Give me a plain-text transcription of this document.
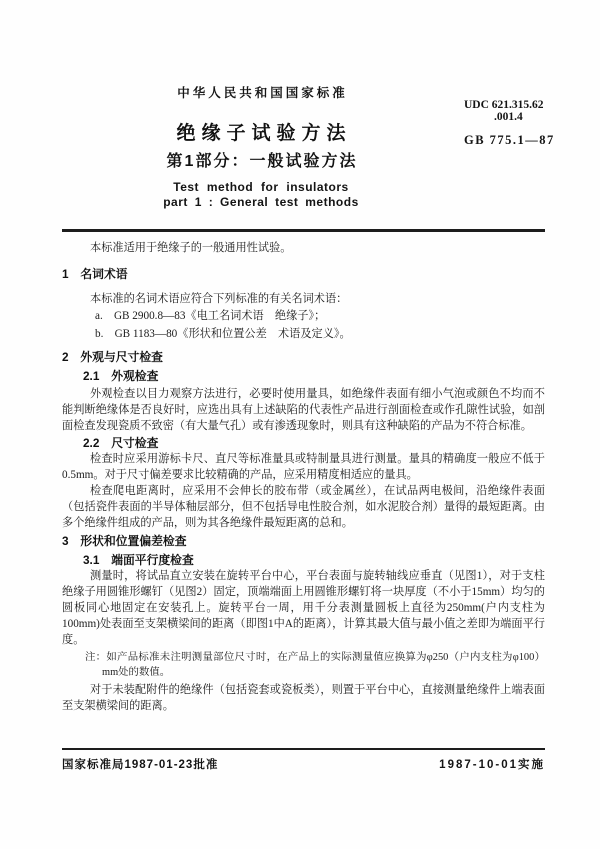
中华人民共和国国家标准
UDC 621.315.62
.001.4
GB 775.1—87
绝缘子试验方法
第1部分：一般试验方法
Test method for insulators
part 1 : General test methods

本标准适用于绝缘子的一般通用性试验。

1　名词术语

本标准的名词术语应符合下列标准的有关名词术语：

a.　GB 2900.8—83《电工名词术语　绝缘子》；
b.　GB 1183—80《形状和位置公差　术语及定义》。
2　外观与尺寸检查
2.1　外观检查

外观检查以目力观察方法进行，必要时使用量具，如绝缘件表面有细小气泡或颜色不均而不能判断绝缘体是否良好时，应选出具有上述缺陷的代表性产品进行剖面检查或作孔隙性试验，如剖面检查发现瓷质不致密（有大量气孔）或有渗透现象时，则具有这种缺陷的产品为不符合标准。

2.2　尺寸检查

检查时应采用游标卡尺、直尺等标准量具或特制量具进行测量。量具的精确度一般应不低于0.5mm。对于尺寸偏差要求比较精确的产品，应采用精度相适应的量具。

检查爬电距离时，应采用不会伸长的胶布带（或金属丝），在试品两电极间，沿绝缘件表面（包括瓷件表面的半导体釉层部分，但不包括导电性胶合剂，如水泥胶合剂）量得的最短距离。由多个绝缘件组成的产品，则为其各绝缘件最短距离的总和。

3　形状和位置偏差检查
3.1　端面平行度检查

测量时，将试品直立安装在旋转平台中心，平台表面与旋转轴线应垂直（见图1），对于支柱绝缘子用圆锥形螺钉（见图2）固定，顶端端面上用圆锥形螺钉将一块厚度（不小于15mm）均匀的圆板同心地固定在安装孔上。旋转平台一周，用千分表测量圆板上直径为250mm(户内支柱为100mm)处表面至支架横梁间的距离（即图1中A的距离），计算其最大值与最小值之差即为端面平行度。

注：如产品标准未注明测量部位尺寸时，在产品上的实际测量值应换算为φ250（户内支柱为φ100）mm处的数值。

对于未装配附件的绝缘件（包括瓷套或瓷板类），则置于平台中心，直接测量绝缘件上端表面至支架横梁间的距离。

国家标准局1987-01-23批准	1987-10-01实施
